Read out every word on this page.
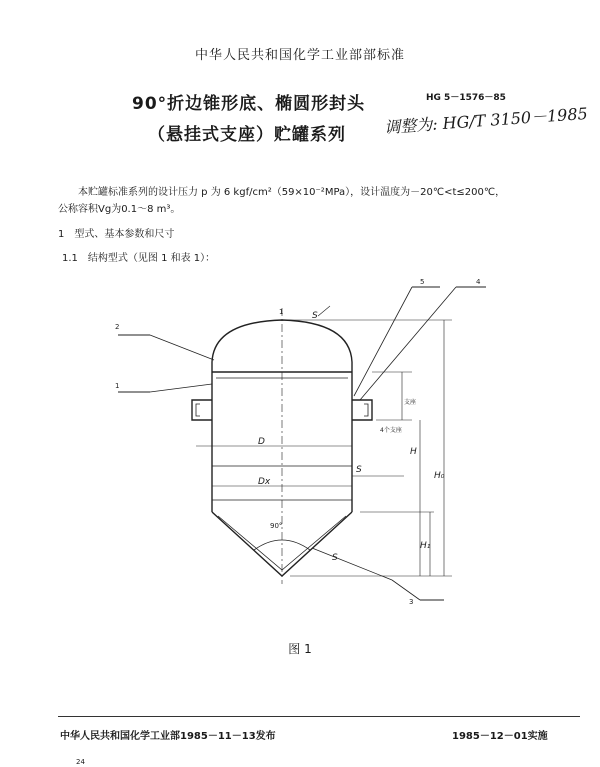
中华人民共和国化学工业部部标准
90°折边锥形底、椭圆形封头
（悬挂式支座）贮罐系列
HG 5－1576－85
调整为: HG/T 3150－1985
本贮罐标准系列的设计压力 p 为 6 kgf/cm²（59×10⁻²MPa），设计温度为－20℃<t≤200℃，
公称容积Vg为0.1～8 m³。
1　型式、基本参数和尺寸
1.1　结构型式（见图 1 和表 1）：
2
1
5	4
3
1	S
D
Dx
S
S
90°
4个支座
支座
H
H₀
H₁
图 1
中华人民共和国化学工业部1985－11－13发布	1985－12－01实施
24
